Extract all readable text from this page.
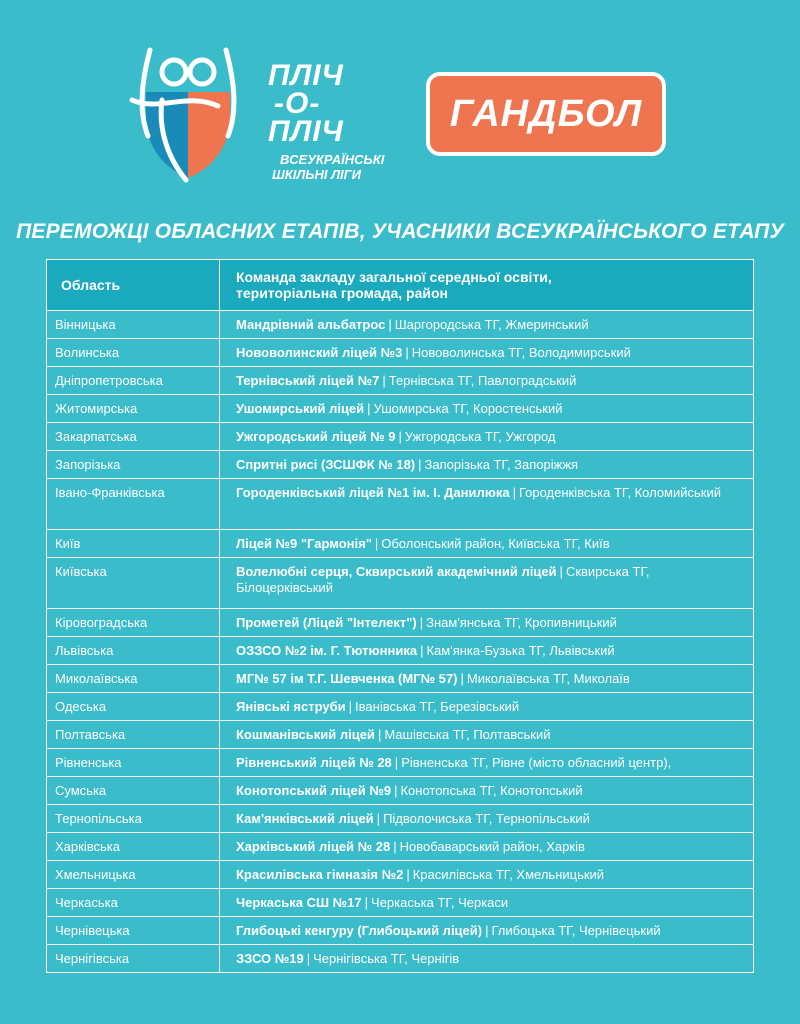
ПЛІЧ
-О-
ПЛІЧ
ВСЕУКРАЇНСЬКІ
ШКІЛЬНІ ЛІГИ
ГАНДБОЛ
ПЕРЕМОЖЦІ ОБЛАСНИХ ЕТАПІВ, УЧАСНИКИ ВСЕУКРАЇНСЬКОГО ЕТАПУ
Область	Команда закладу загальної середньої освіти,
територіальна громада, район
Вінницька	Мандрівний альбатрос | Шаргородська ТГ, Жмеринський
Волинська	Нововолинский ліцей №3 | Нововолинська ТГ, Володимирський
Дніпропетровська	Тернівський ліцей №7 | Тернівська ТГ, Павлоградський
Житомирська	Ушомирський ліцей | Ушомирська ТГ, Коростенський
Закарпатська	Ужгородський ліцей № 9 | Ужгородська ТГ, Ужгород
Запорізька	Спритні рисі (ЗСШФК № 18) | Запорізька ТГ, Запоріжжя
Івано-Франківська	Городенківський ліцей №1 ім. І. Данилюка | Городенківська ТГ, Коломийський
Київ	Ліцей №9 "Гармонія" | Оболонський район, Київська ТГ, Київ
Київська	Волелюбні серця, Сквирський академічний ліцей | Сквирська ТГ, Білоцерківський
Кіровоградська	Прометей (Ліцей "Інтелект") | Знам'янська ТГ, Кропивницький
Львівська	ОЗЗСО №2 ім. Г. Тютюнника | Кам'янка-Бузька ТГ, Львівський
Миколаївська	МГ№ 57 ім Т.Г. Шевченка (МГ№ 57) | Миколаївська ТГ, Миколаїв
Одеська	Янівські яструби | Іванівська ТГ, Березівський
Полтавська	Кошманівський ліцей | Машівська ТГ, Полтавський
Рівненська	Рівненський ліцей № 28 | Рівненська ТГ, Рівне (місто обласний центр),
Сумська	Конотопський ліцей №9 | Конотопська ТГ, Конотопський
Тернопільська	Кам'янківський ліцей | Підволочиська ТГ, Тернопільський
Харківська	Харківський ліцей № 28 | Новобаварський район, Харків
Хмельницька	Красилівська гімназія №2 | Красилівська ТГ, Хмельницький
Черкаська	Черкаська СШ №17 | Черкаська ТГ, Черкаси
Чернівецька	Глибоцькі кенгуру (Глибоцький ліцей) | Глибоцька ТГ, Чернівецький
Чернігівська	ЗЗСО №19 | Чернігівська ТГ, Чернігів
